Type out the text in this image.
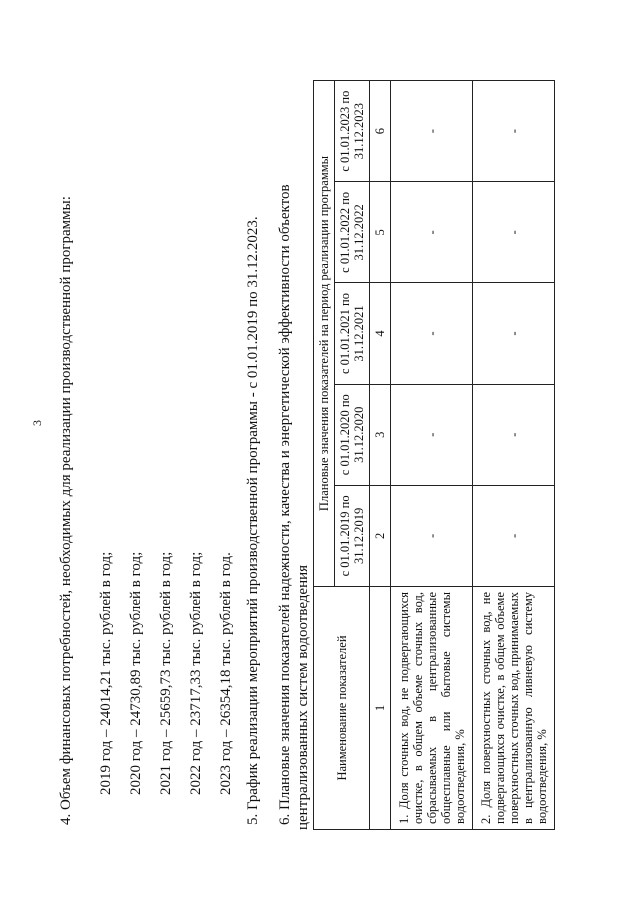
3 4. Объем финансовых потребностей, необходимых для реализации производственной программы: 2019 год – 24014,21 тыс. рублей в год; 2020 год – 24730,89 тыс. рублей в год; 2021 год – 25659,73 тыс. рублей в год; 2022 год – 23717,33 тыс. рублей в год; 2023 год – 26354,18 тыс. рублей в год. 5. График реализации мероприятий производственной программы - с 01.01.2019 по 31.12.2023. 6. Плановые значения показателей надежности, качества и энергетической эффективности объектов централизованных систем водоотведения Наименование показателей	Плановые значения показателей на период реализации программы				
	с 01.01.2019 по 31.12.2019	с 01.01.2020 по 31.12.2020	с 01.01.2021 по 31.12.2021	с 01.01.2022 по 31.12.2022	с 01.01.2023 по 31.12.2023
1	2	3	4	5	6
1. Доля сточных вод, не подвергающихся очистке, в общем объеме сточных вод, сбрасываемых в централизованные общесплавные или бытовые системы водоотведения, %	-	-	-	-	-
2. Доля поверхностных сточных вод, не подвергающихся очистке, в общем объеме поверхностных сточных вод, принимаемых в централизованную ливневую систему водоотведения, %	-	-	-	-	-
